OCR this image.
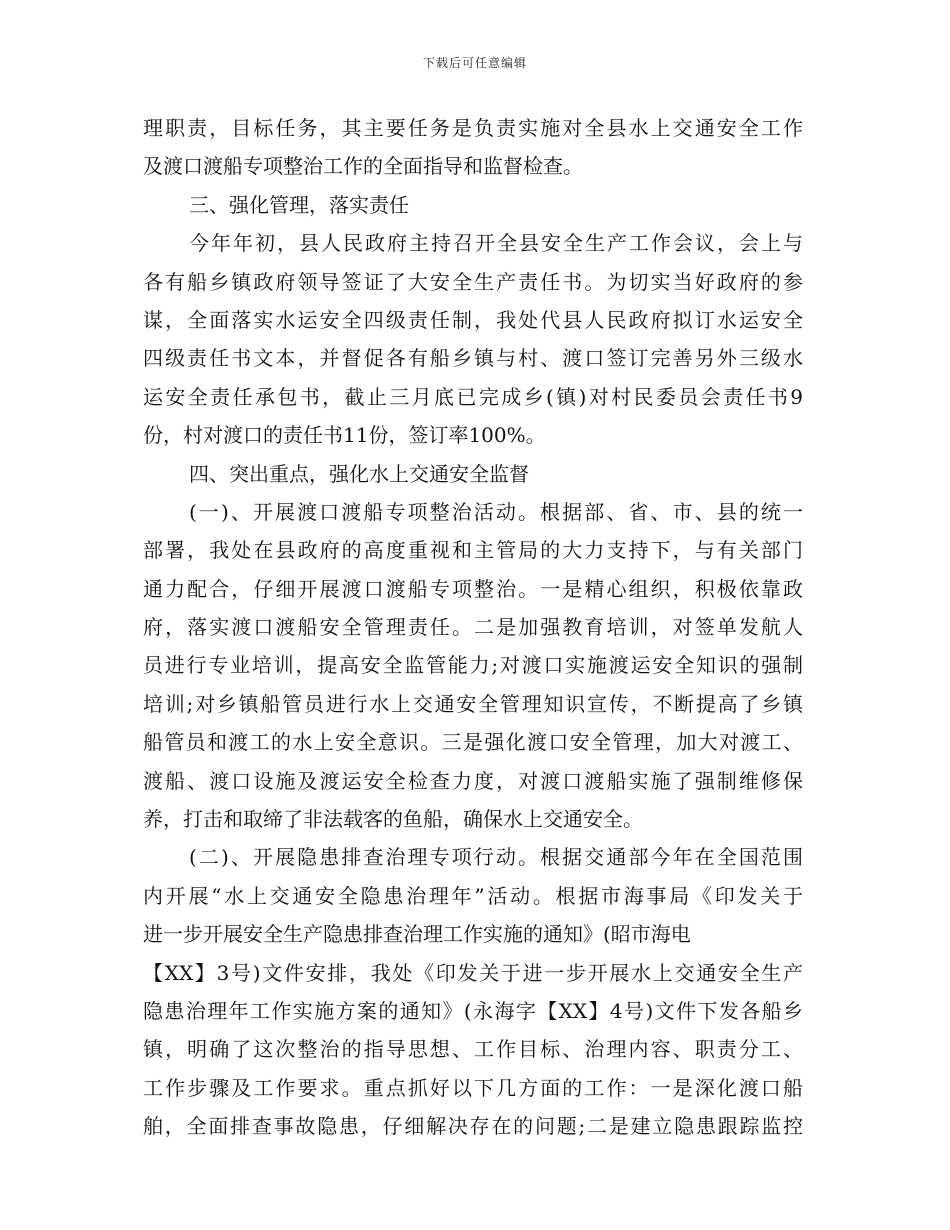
下载后可任意编辑
理职责，目标任务，其主要任务是负责实施对全县水上交通安全工作
及渡口渡船专项整治工作的全面指导和监督检查。
三、强化管理，落实责任
今年年初，县人民政府主持召开全县安全生产工作会议，会上与
各有船乡镇政府领导签证了大安全生产责任书。为切实当好政府的参
谋，全面落实水运安全四级责任制，我处代县人民政府拟订水运安全
四级责任书文本，并督促各有船乡镇与村、渡口签订完善另外三级水
运安全责任承包书，截止三月底已完成乡(镇)对村民委员会责任书9
份，村对渡口的责任书11份，签订率100%。
四、突出重点，强化水上交通安全监督
(一)、开展渡口渡船专项整治活动。根据部、省、市、县的统一
部署，我处在县政府的高度重视和主管局的大力支持下，与有关部门
通力配合，仔细开展渡口渡船专项整治。一是精心组织，积极依靠政
府，落实渡口渡船安全管理责任。二是加强教育培训，对签单发航人
员进行专业培训，提高安全监管能力;对渡口实施渡运安全知识的强制
培训;对乡镇船管员进行水上交通安全管理知识宣传，不断提高了乡镇
船管员和渡工的水上安全意识。三是强化渡口安全管理，加大对渡工、
渡船、渡口设施及渡运安全检查力度，对渡口渡船实施了强制维修保
养，打击和取缔了非法载客的鱼船，确保水上交通安全。
(二)、开展隐患排查治理专项行动。根据交通部今年在全国范围
内开展“水上交通安全隐患治理年”活动。根据市海事局《印发关于
进一步开展安全生产隐患排查治理工作实施的通知》(昭市海电
【XX】3号)文件安排，我处《印发关于进一步开展水上交通安全生产
隐患治理年工作实施方案的通知》(永海字【XX】4号)文件下发各船乡
镇，明确了这次整治的指导思想、工作目标、治理内容、职责分工、
工作步骤及工作要求。重点抓好以下几方面的工作：一是深化渡口船
舶，全面排查事故隐患，仔细解决存在的问题;二是建立隐患跟踪监控
